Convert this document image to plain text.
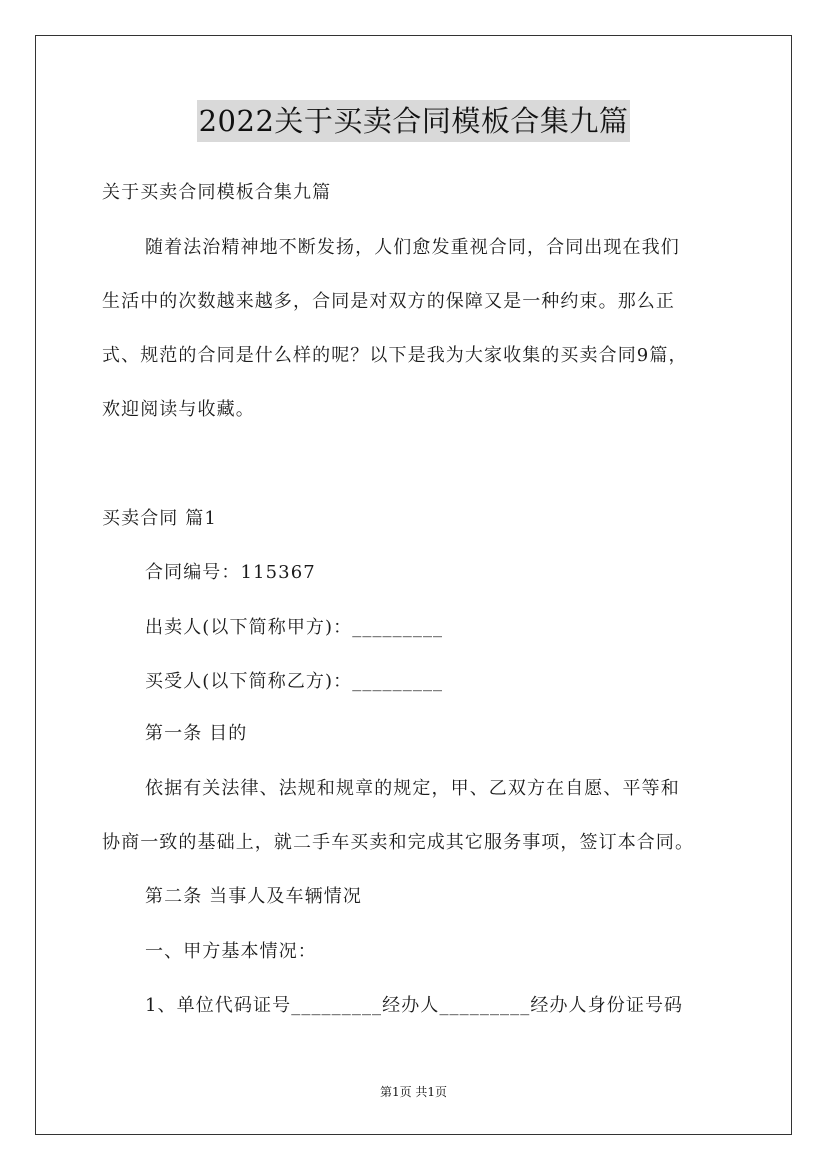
2022关于买卖合同模板合集九篇
关于买卖合同模板合集九篇
随着法治精神地不断发扬，人们愈发重视合同，合同出现在我们
生活中的次数越来越多，合同是对双方的保障又是一种约束。那么正
式、规范的合同是什么样的呢？以下是我为大家收集的买卖合同9篇，
欢迎阅读与收藏。
买卖合同 篇1
合同编号：115367
出卖人(以下简称甲方)：_________
买受人(以下简称乙方)：_________
第一条 目的
依据有关法律、法规和规章的规定，甲、乙双方在自愿、平等和
协商一致的基础上，就二手车买卖和完成其它服务事项，签订本合同。
第二条 当事人及车辆情况
一、甲方基本情况：
1、单位代码证号_________经办人_________经办人身份证号码
第1页 共1页
